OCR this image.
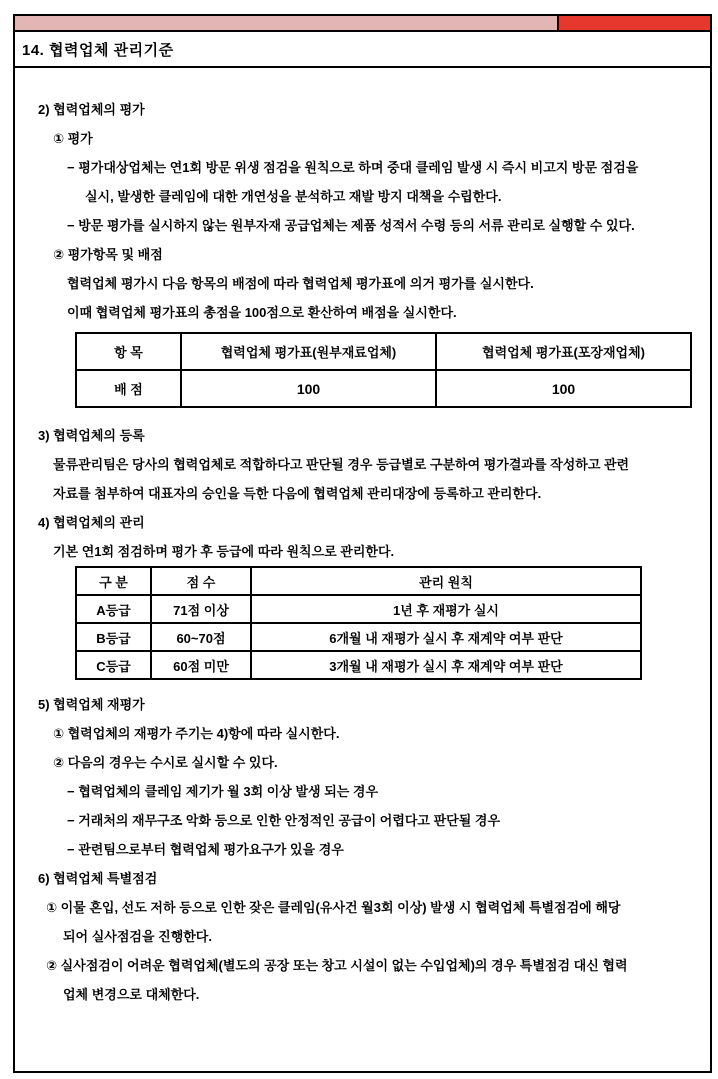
14. 협력업체 관리기준
2) 협력업체의 평가
① 평가
− 평가대상업체는 연1회 방문 위생 점검을 원칙으로 하며 중대 클레임 발생 시 즉시 비고지 방문 점검을
실시, 발생한 클레임에 대한 개연성을 분석하고 재발 방지 대책을 수립한다.
− 방문 평가를 실시하지 않는 원부자재 공급업체는 제품 성적서 수령 등의 서류 관리로 실행할 수 있다.
② 평가항목 및 배점
협력업체 평가시 다음 항목의 배점에 따라 협력업체 평가표에 의거 평가를 실시한다.
이때 협력업체 평가표의 총점을 100점으로 환산하여 배점을 실시한다.
항 목	협력업체 평가표(원부재료업체)	협력업체 평가표(포장재업체)
배 점	100	100
3) 협력업체의 등록
물류관리팀은 당사의 협력업체로 적합하다고 판단될 경우 등급별로 구분하여 평가결과를 작성하고 관련
자료를 첨부하여 대표자의 승인을 득한 다음에 협력업체 관리대장에 등록하고 관리한다.
4) 협력업체의 관리
기본 연1회 점검하며 평가 후 등급에 따라 원칙으로 관리한다.
구 분	점 수	관리 원칙
A등급	71점 이상	1년 후 재평가 실시
B등급	60~70점	6개월 내 재평가 실시 후 재계약 여부 판단
C등급	60점 미만	3개월 내 재평가 실시 후 재계약 여부 판단
5) 협력업체 재평가
① 협력업체의 재평가 주기는 4)항에 따라 실시한다.
② 다음의 경우는 수시로 실시할 수 있다.
− 협력업체의 클레임 제기가 월 3회 이상 발생 되는 경우
− 거래처의 재무구조 악화 등으로 인한 안정적인 공급이 어렵다고 판단될 경우
− 관련팀으로부터 협력업체 평가요구가 있을 경우
6) 협력업체 특별점검
① 이물 혼입, 선도 저하 등으로 인한 잦은 클레임(유사건 월3회 이상) 발생 시 협력업체 특별점검에 해당
되어 실사점검을 진행한다.
② 실사점검이 어려운 협력업체(별도의 공장 또는 창고 시설이 없는 수입업체)의 경우 특별점검 대신 협력
업체 변경으로 대체한다.
